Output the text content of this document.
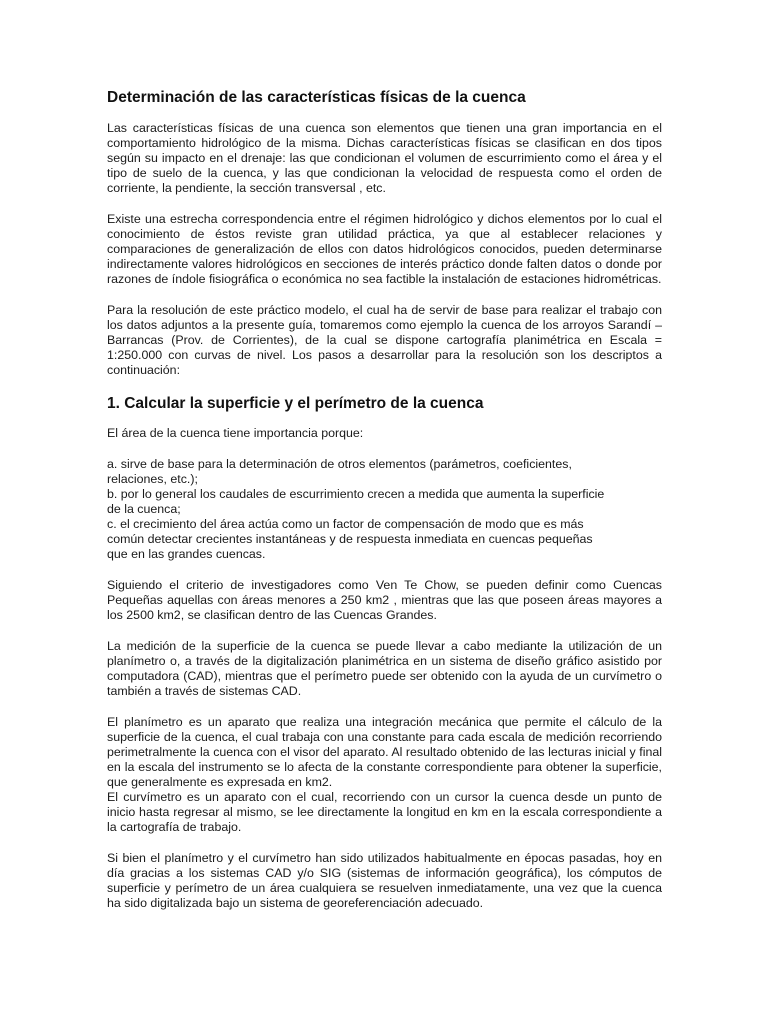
Determinación de las características físicas de la cuenca

Las características físicas de una cuenca son elementos que tienen una gran importancia en el comportamiento hidrológico de la misma. Dichas características físicas se clasifican en dos tipos según su impacto en el drenaje: las que condicionan el volumen de escurrimiento como el área y el tipo de suelo de la cuenca, y las que condicionan la velocidad de respuesta como el orden de corriente, la pendiente, la sección transversal , etc.

Existe una estrecha correspondencia entre el régimen hidrológico y dichos elementos por lo cual el conocimiento de éstos reviste gran utilidad práctica, ya que al establecer relaciones y comparaciones de generalización de ellos con datos hidrológicos conocidos, pueden determinarse indirectamente valores hidrológicos en secciones de interés práctico donde falten datos o donde por razones de índole fisiográfica o económica no sea factible la instalación de estaciones hidrométricas.

Para la resolución de este práctico modelo, el cual ha de servir de base para realizar el trabajo con los datos adjuntos a la presente guía, tomaremos como ejemplo la cuenca de los arroyos Sarandí – Barrancas (Prov. de Corrientes), de la cual se dispone cartografía planimétrica en Escala = 1:250.000 con curvas de nivel. Los pasos a desarrollar para la resolución son los descriptos a continuación:

1. Calcular la superficie y el perímetro de la cuenca

El área de la cuenca tiene importancia porque:

a. sirve de base para la determinación de otros elementos (parámetros, coeficientes,
relaciones, etc.);
b. por lo general los caudales de escurrimiento crecen a medida que aumenta la superficie
de la cuenca;
c. el crecimiento del área actúa como un factor de compensación de modo que es más
común detectar crecientes instantáneas y de respuesta inmediata en cuencas pequeñas
que en las grandes cuencas.

Siguiendo el criterio de investigadores como Ven Te Chow, se pueden definir como Cuencas Pequeñas aquellas con áreas menores a 250 km2 , mientras que las que poseen áreas mayores a los 2500 km2, se clasifican dentro de las Cuencas Grandes.

La medición de la superficie de la cuenca se puede llevar a cabo mediante la utilización de un planímetro o, a través de la digitalización planimétrica en un sistema de diseño gráfico asistido por computadora (CAD), mientras que el perímetro puede ser obtenido con la ayuda de un curvímetro o también a través de sistemas CAD.

El planímetro es un aparato que realiza una integración mecánica que permite el cálculo de la superficie de la cuenca, el cual trabaja con una constante para cada escala de medición recorriendo perimetralmente la cuenca con el visor del aparato. Al resultado obtenido de las lecturas inicial y final en la escala del instrumento se lo afecta de la constante correspondiente para obtener la superficie, que generalmente es expresada en km2.

El curvímetro es un aparato con el cual, recorriendo con un cursor la cuenca desde un punto de inicio hasta regresar al mismo, se lee directamente la longitud en km en la escala correspondiente a la cartografía de trabajo.

Si bien el planímetro y el curvímetro han sido utilizados habitualmente en épocas pasadas, hoy en día gracias a los sistemas CAD y/o SIG (sistemas de información geográfica), los cómputos de superficie y perímetro de un área cualquiera se resuelven inmediatamente, una vez que la cuenca ha sido digitalizada bajo un sistema de georeferenciación adecuado.
